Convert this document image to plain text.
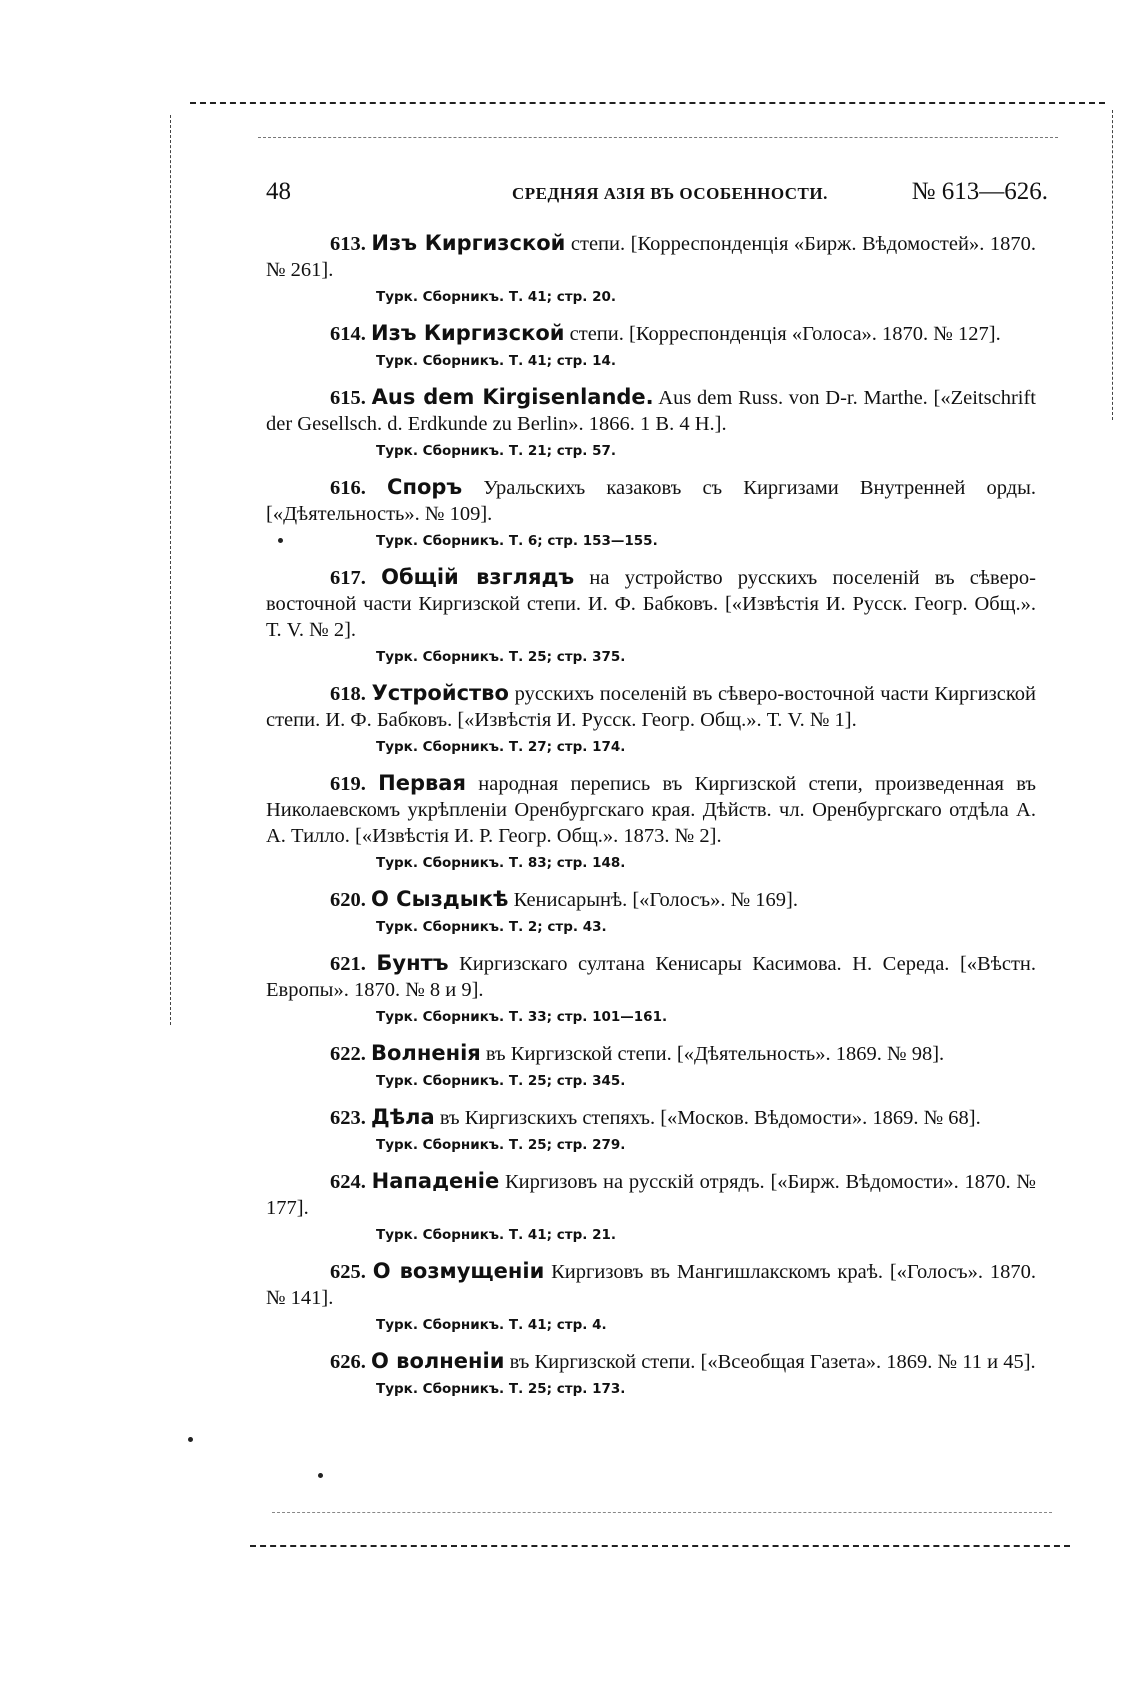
48	СРЕДНЯЯ АЗІЯ ВЪ ОСОБЕННОСТИ.	№ 613—626.
613. Изъ Киргизской степи. [Корреспонденція «Бирж. Вѣдомостей». 1870. № 261].
Турк. Сборникъ. Т. 41; стр. 20.
614. Изъ Киргизской степи. [Корреспонденція «Голоса». 1870. № 127].
Турк. Сборникъ. Т. 41; стр. 14.
615. Aus dem Kirgisenlande. Aus dem Russ. von D-r. Marthe. [«Zeitschrift der Gesellsch. d. Erdkunde zu Berlin». 1866. 1 B. 4 H.].
Турк. Сборникъ. Т. 21; стр. 57.
616. Споръ Уральскихъ казаковъ съ Киргизами Внутренней орды. [«Дѣятельность». № 109].
Турк. Сборникъ. Т. 6; стр. 153—155.
617. Общій взглядъ на устройство русскихъ поселеній въ сѣверо-восточной части Киргизской степи. И. Ф. Бабковъ. [«Извѣстія И. Русск. Геогр. Общ.». Т. V. № 2].
Турк. Сборникъ. Т. 25; стр. 375.
618. Устройство русскихъ поселеній въ сѣверо-восточной части Киргизской степи. И. Ф. Бабковъ. [«Извѣстія И. Русск. Геогр. Общ.». Т. V. № 1].
Турк. Сборникъ. Т. 27; стр. 174.
619. Первая народная перепись въ Киргизской степи, произведенная въ Николаевскомъ укрѣпленіи Оренбургскаго края. Дѣйств. чл. Оренбургскаго отдѣла А. А. Тилло. [«Извѣстія И. Р. Геогр. Общ.». 1873. № 2].
Турк. Сборникъ. Т. 83; стр. 148.
620. О Сыздыкѣ Кенисарынѣ. [«Голосъ». № 169].
Турк. Сборникъ. Т. 2; стр. 43.
621. Бунтъ Киргизскаго султана Кенисары Касимова. Н. Середа. [«Вѣстн. Европы». 1870. № 8 и 9].
Турк. Сборникъ. Т. 33; стр. 101—161.
622. Волненія въ Киргизской степи. [«Дѣятельность». 1869. № 98].
Турк. Сборникъ. Т. 25; стр. 345.
623. Дѣла въ Киргизскихъ степяхъ. [«Москов. Вѣдомости». 1869. № 68].
Турк. Сборникъ. Т. 25; стр. 279.
624. Нападеніе Киргизовъ на русскій отрядъ. [«Бирж. Вѣдомости». 1870. № 177].
Турк. Сборникъ. Т. 41; стр. 21.
625. О возмущеніи Киргизовъ въ Мангишлакскомъ краѣ. [«Голосъ». 1870. № 141].
Турк. Сборникъ. Т. 41; стр. 4.
626. О волненіи въ Киргизской степи. [«Всеобщая Газета». 1869. № 11 и 45].
Турк. Сборникъ. Т. 25; стр. 173.
